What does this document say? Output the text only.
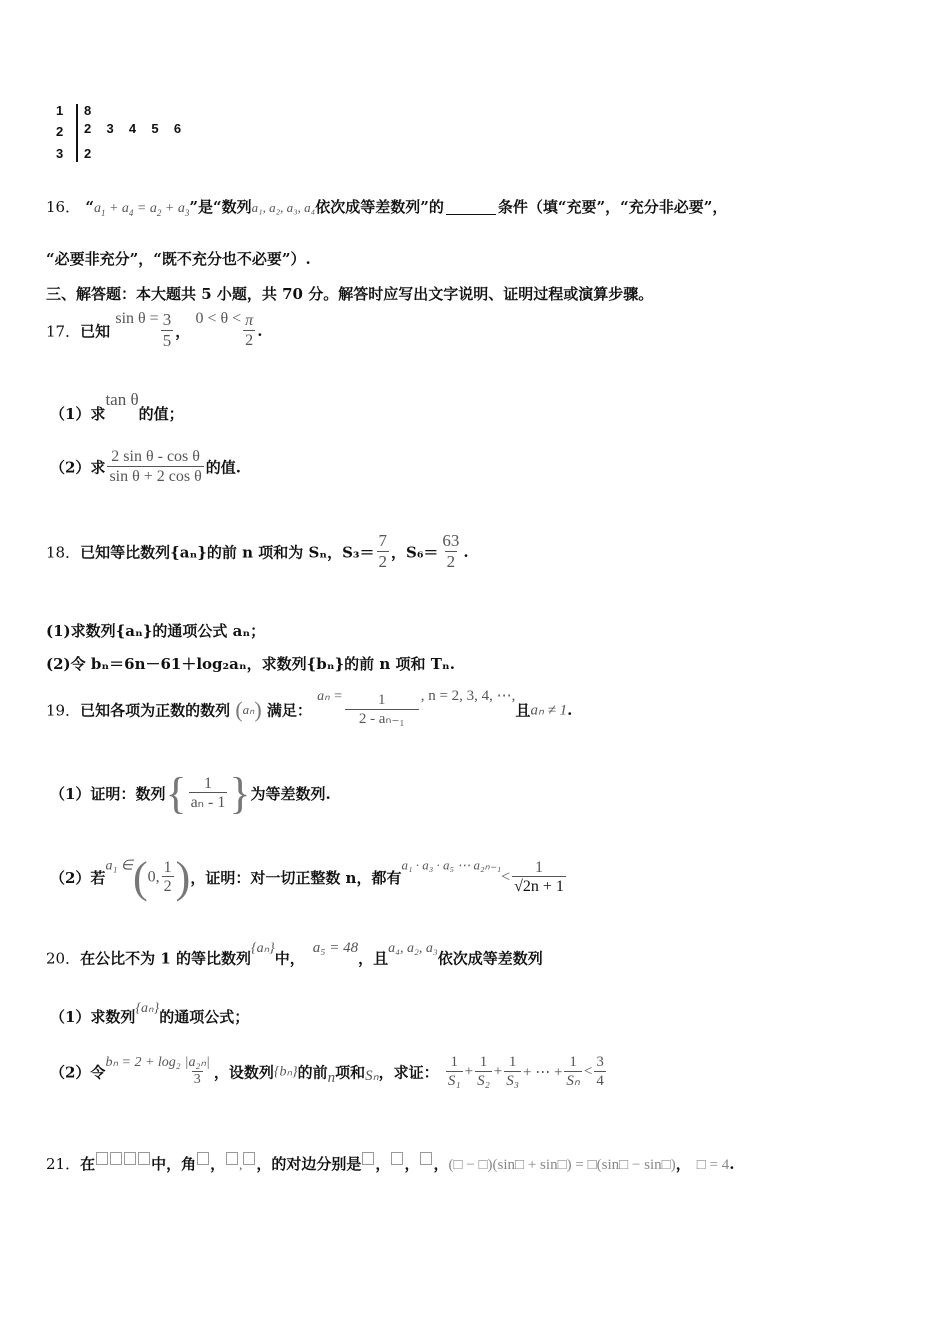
1 8
2 2  3  4  5  6
3 2
16． “$a_1 + a_4 = a_2 + a_3$”是“数列a₁, a₂, a₃, a₄依次成等差数列”的	条件（填“充要”，“充分非必要”，
“必要非充分”，“既不充分也不必要”）.
三、解答题：本大题共 5 小题，共 70 分。解答时应写出文字说明、证明过程或演算步骤。
17．已知 $\sin \theta = \frac{3}{5}$ ， $0 < \theta < \frac{\pi}{2}$ .
（1）求tan θ的值；
（2）求 $\frac{\text{2 sin θ - cos θ}}{\text{sin θ + 2 cos θ}}$ 的值.
18．已知等比数列{aₙ}的前 n 项和为 Sₙ，$S_3= \frac{7}{2}$ ，$S_6= \frac{63}{2}$ .
(1)求数列{aₙ}的通项公式 aₙ；
(2)令 bₙ＝6n－61＋log₂aₙ，求数列{bₙ}的前 n 项和 Tₙ.
19．已知各项为正数的数列 (aₙ) 满足： $a_n = \frac{1}{\text{2 - aₙ₋₁}}$ , n = 2, 3, 4, ⋯,且aₙ ≠ 1.
（1）证明：数列{ $\frac{1}{\text{aₙ - 1}}$ }为等差数列.
（2）若a₁ ∈(0, $\frac{1}{2}$ )，证明：对一切正整数 n，都有a₁ · a₃ · a₅ ⋯ $a_{2n-1}< \frac{1}{√2n + 1}$
20．在公比不为 1 的等比数列{aₙ}中，a₅ = 48，且a₄, a₂, a₃依次成等差数列
（1）求数列{aₙ}的通项公式；
（2）令$b_n = 2 + \log_2 \frac{\text{|a₂ₙ|}}{3}$ ，设数列{bₙ}的前n项和Sₙ，求证： $\frac{1}{\text{S₁}} + \frac{1}{\text{S₂}} + \frac{1}{\text{S₃}}$ + ⋯ + $\frac{1}{\text{Sₙ}} < \frac{3}{4}$
21．在	中，角 ， , ，的对边分别是 ， ， ，(□ − □)(sin□ + sin□) = □(sin□ − sin□)， □ = 4.
